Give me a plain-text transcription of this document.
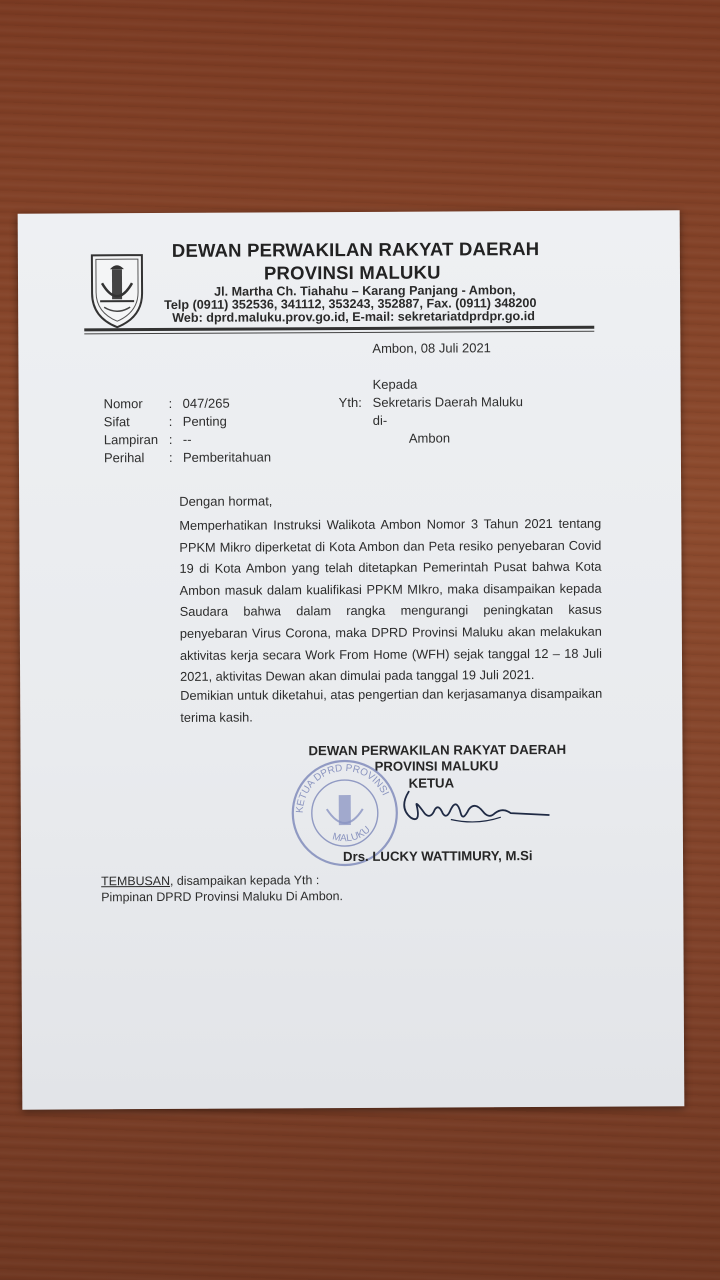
DEWAN PERWAKILAN RAKYAT DAERAH
PROVINSI MALUKU
Jl. Martha Ch. Tiahahu – Karang Panjang - Ambon,
Telp (0911) 352536, 341112, 353243, 352887, Fax. (0911) 348200
Web: dprd.maluku.prov.go.id, E-mail: sekretariatdprdpr.go.id
Ambon, 08 Juli 2021
Nomor : 047/265
Sifat	: Penting
Lampiran : --
Perihal : Pemberitahuan
Kepada
Yth: Sekretaris Daerah Maluku
di-
Ambon
Dengan hormat,
Memperhatikan Instruksi Walikota Ambon Nomor 3 Tahun 2021 tentang PPKM Mikro diperketat di Kota Ambon dan Peta resiko penyebaran Covid 19 di Kota Ambon yang telah ditetapkan Pemerintah Pusat bahwa Kota Ambon masuk dalam kualifikasi PPKM MIkro, maka disampaikan kepada Saudara bahwa dalam rangka mengurangi peningkatan kasus penyebaran Virus Corona, maka DPRD Provinsi Maluku akan melakukan aktivitas kerja secara Work From Home (WFH) sejak tanggal 12 – 18 Juli 2021, aktivitas Dewan akan dimulai pada tanggal 19 Juli 2021.
Demikian untuk diketahui, atas pengertian dan kerjasamanya disampaikan terima kasih.
DEWAN PERWAKILAN RAKYAT DAERAH
PROVINSI MALUKU
KETUA
KETUA DPRD PROVINSI
MALUKU
Drs. LUCKY WATTIMURY, M.Si
TEMBUSAN, disampaikan kepada Yth :
Pimpinan DPRD Provinsi Maluku Di Ambon.
